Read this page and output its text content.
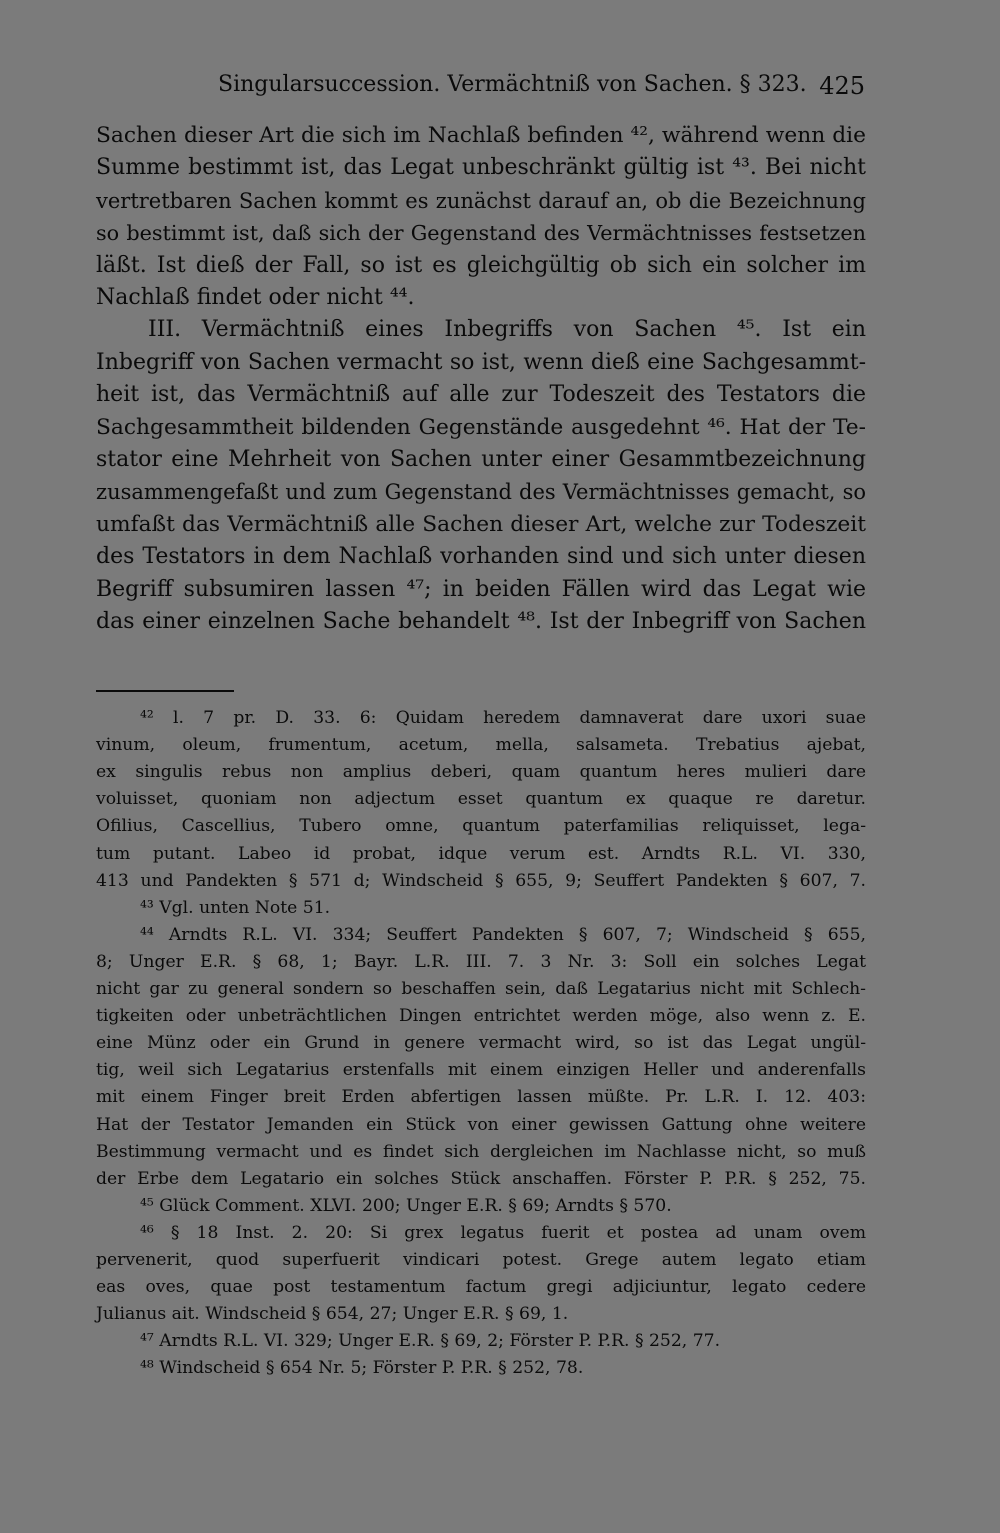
Singularsuccession. Vermächtniß von Sachen. § 323. 425
Sachen dieser Art die sich im Nachlaß befinden ⁴², während wenn die
Summe bestimmt ist, das Legat unbeschränkt gültig ist ⁴³. Bei nicht
vertretbaren Sachen kommt es zunächst darauf an, ob die Bezeichnung
so bestimmt ist, daß sich der Gegenstand des Vermächtnisses festsetzen
läßt. Ist dieß der Fall, so ist es gleichgültig ob sich ein solcher im
Nachlaß findet oder nicht ⁴⁴.
III. Vermächtniß eines Inbegriffs von Sachen ⁴⁵. Ist ein
Inbegriff von Sachen vermacht so ist, wenn dieß eine Sachgesammt-
heit ist, das Vermächtniß auf alle zur Todeszeit des Testators die
Sachgesammtheit bildenden Gegenstände ausgedehnt ⁴⁶. Hat der Te-
stator eine Mehrheit von Sachen unter einer Gesammtbezeichnung
zusammengefaßt und zum Gegenstand des Vermächtnisses gemacht, so
umfaßt das Vermächtniß alle Sachen dieser Art, welche zur Todeszeit
des Testators in dem Nachlaß vorhanden sind und sich unter diesen
Begriff subsumiren lassen ⁴⁷; in beiden Fällen wird das Legat wie
das einer einzelnen Sache behandelt ⁴⁸. Ist der Inbegriff von Sachen
⁴² l. 7 pr. D. 33. 6: Quidam heredem damnaverat dare uxori suae
vinum, oleum, frumentum, acetum, mella, salsameta. Trebatius ajebat,
ex singulis rebus non amplius deberi, quam quantum heres mulieri dare
voluisset, quoniam non adjectum esset quantum ex quaque re daretur.
Ofilius, Cascellius, Tubero omne, quantum paterfamilias reliquisset, lega-
tum putant. Labeo id probat, idque verum est. Arndts R.L. VI. 330,
413 und Pandekten § 571 d; Windscheid § 655, 9; Seuffert Pandekten § 607, 7.
⁴³ Vgl. unten Note 51.
⁴⁴ Arndts R.L. VI. 334; Seuffert Pandekten § 607, 7; Windscheid § 655,
8; Unger E.R. § 68, 1; Bayr. L.R. III. 7. 3 Nr. 3: Soll ein solches Legat
nicht gar zu general sondern so beschaffen sein, daß Legatarius nicht mit Schlech-
tigkeiten oder unbeträchtlichen Dingen entrichtet werden möge, also wenn z. E.
eine Münz oder ein Grund in genere vermacht wird, so ist das Legat ungül-
tig, weil sich Legatarius erstenfalls mit einem einzigen Heller und anderenfalls
mit einem Finger breit Erden abfertigen lassen müßte. Pr. L.R. I. 12. 403:
Hat der Testator Jemanden ein Stück von einer gewissen Gattung ohne weitere
Bestimmung vermacht und es findet sich dergleichen im Nachlasse nicht, so muß
der Erbe dem Legatario ein solches Stück anschaffen. Förster P. P.R. § 252, 75.
⁴⁵ Glück Comment. XLVI. 200; Unger E.R. § 69; Arndts § 570.
⁴⁶ § 18 Inst. 2. 20: Si grex legatus fuerit et postea ad unam ovem
pervenerit, quod superfuerit vindicari potest. Grege autem legato etiam
eas oves, quae post testamentum factum gregi adjiciuntur, legato cedere
Julianus ait. Windscheid § 654, 27; Unger E.R. § 69, 1.
⁴⁷ Arndts R.L. VI. 329; Unger E.R. § 69, 2; Förster P. P.R. § 252, 77.
⁴⁸ Windscheid § 654 Nr. 5; Förster P. P.R. § 252, 78.
